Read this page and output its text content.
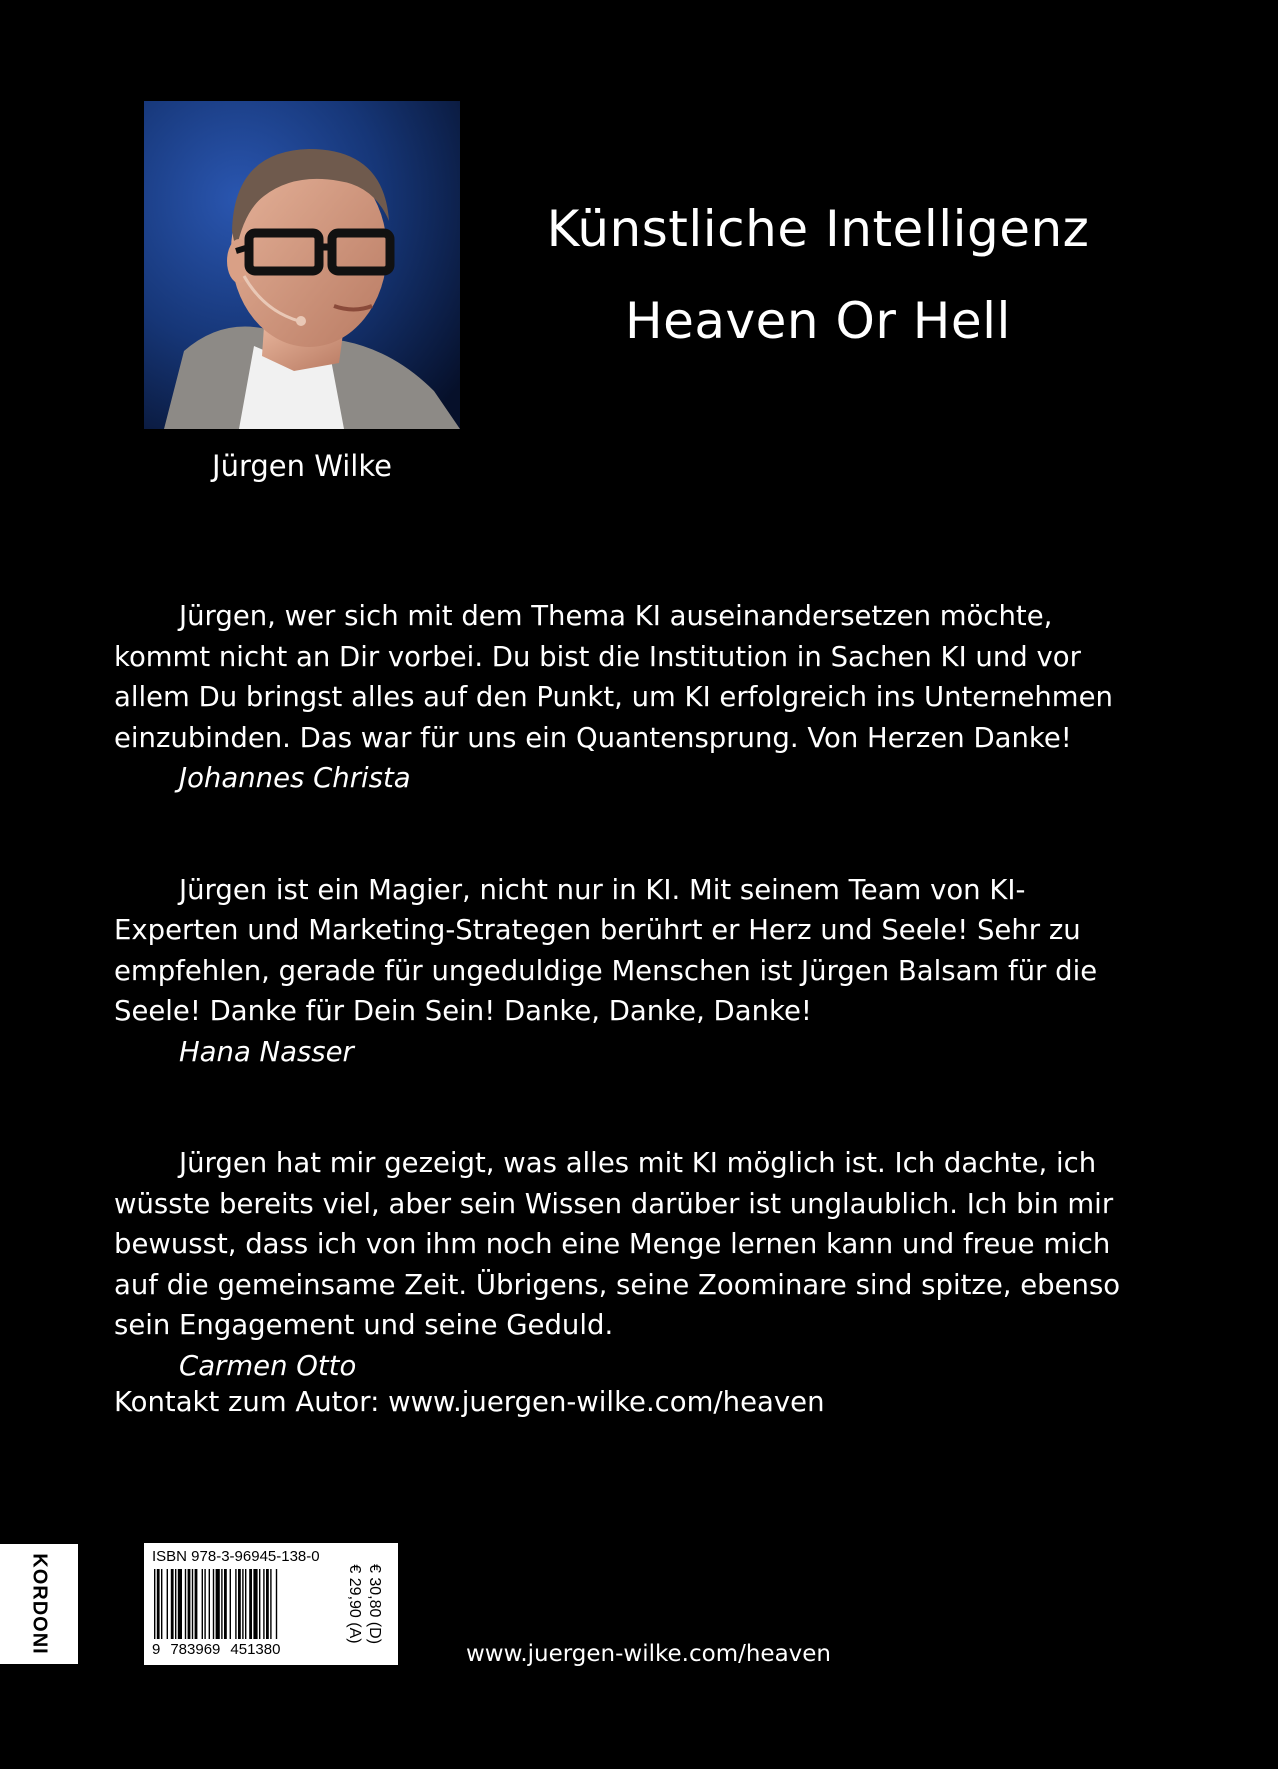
Jürgen Wilke
Künstliche Intelligenz
Heaven Or Hell

Jürgen, wer sich mit dem Thema KI auseinandersetzen möchte, kommt nicht an Dir vorbei. Du bist die Institution in Sachen KI und vor allem Du bringst alles auf den Punkt, um KI erfolgreich ins Unternehmen einzubinden. Das war für uns ein Quantensprung. Von Herzen Danke!

Johannes Christa

Jürgen ist ein Magier, nicht nur in KI. Mit seinem Team von KI-Experten und Marketing-Strategen berührt er Herz und Seele! Sehr zu empfehlen, gerade für ungeduldige Menschen ist Jürgen Balsam für die Seele! Danke für Dein Sein! Danke, Danke, Danke!

Hana Nasser

Jürgen hat mir gezeigt, was alles mit KI möglich ist. Ich dachte, ich wüsste bereits viel, aber sein Wissen darüber ist unglaublich. Ich bin mir bewusst, dass ich von ihm noch eine Menge lernen kann und freue mich auf die gemeinsame Zeit. Übrigens, seine Zoominare sind spitze, ebenso sein Engagement und seine Geduld.

Carmen Otto
Kontakt zum Autor: www.juergen-wilke.com/heaven
KORDONI	ISBN 978-3-96945-138-0
9 783969 451380
€ 30,80 (D)
€ 29,90 (A)
www.juergen-wilke.com/heaven
